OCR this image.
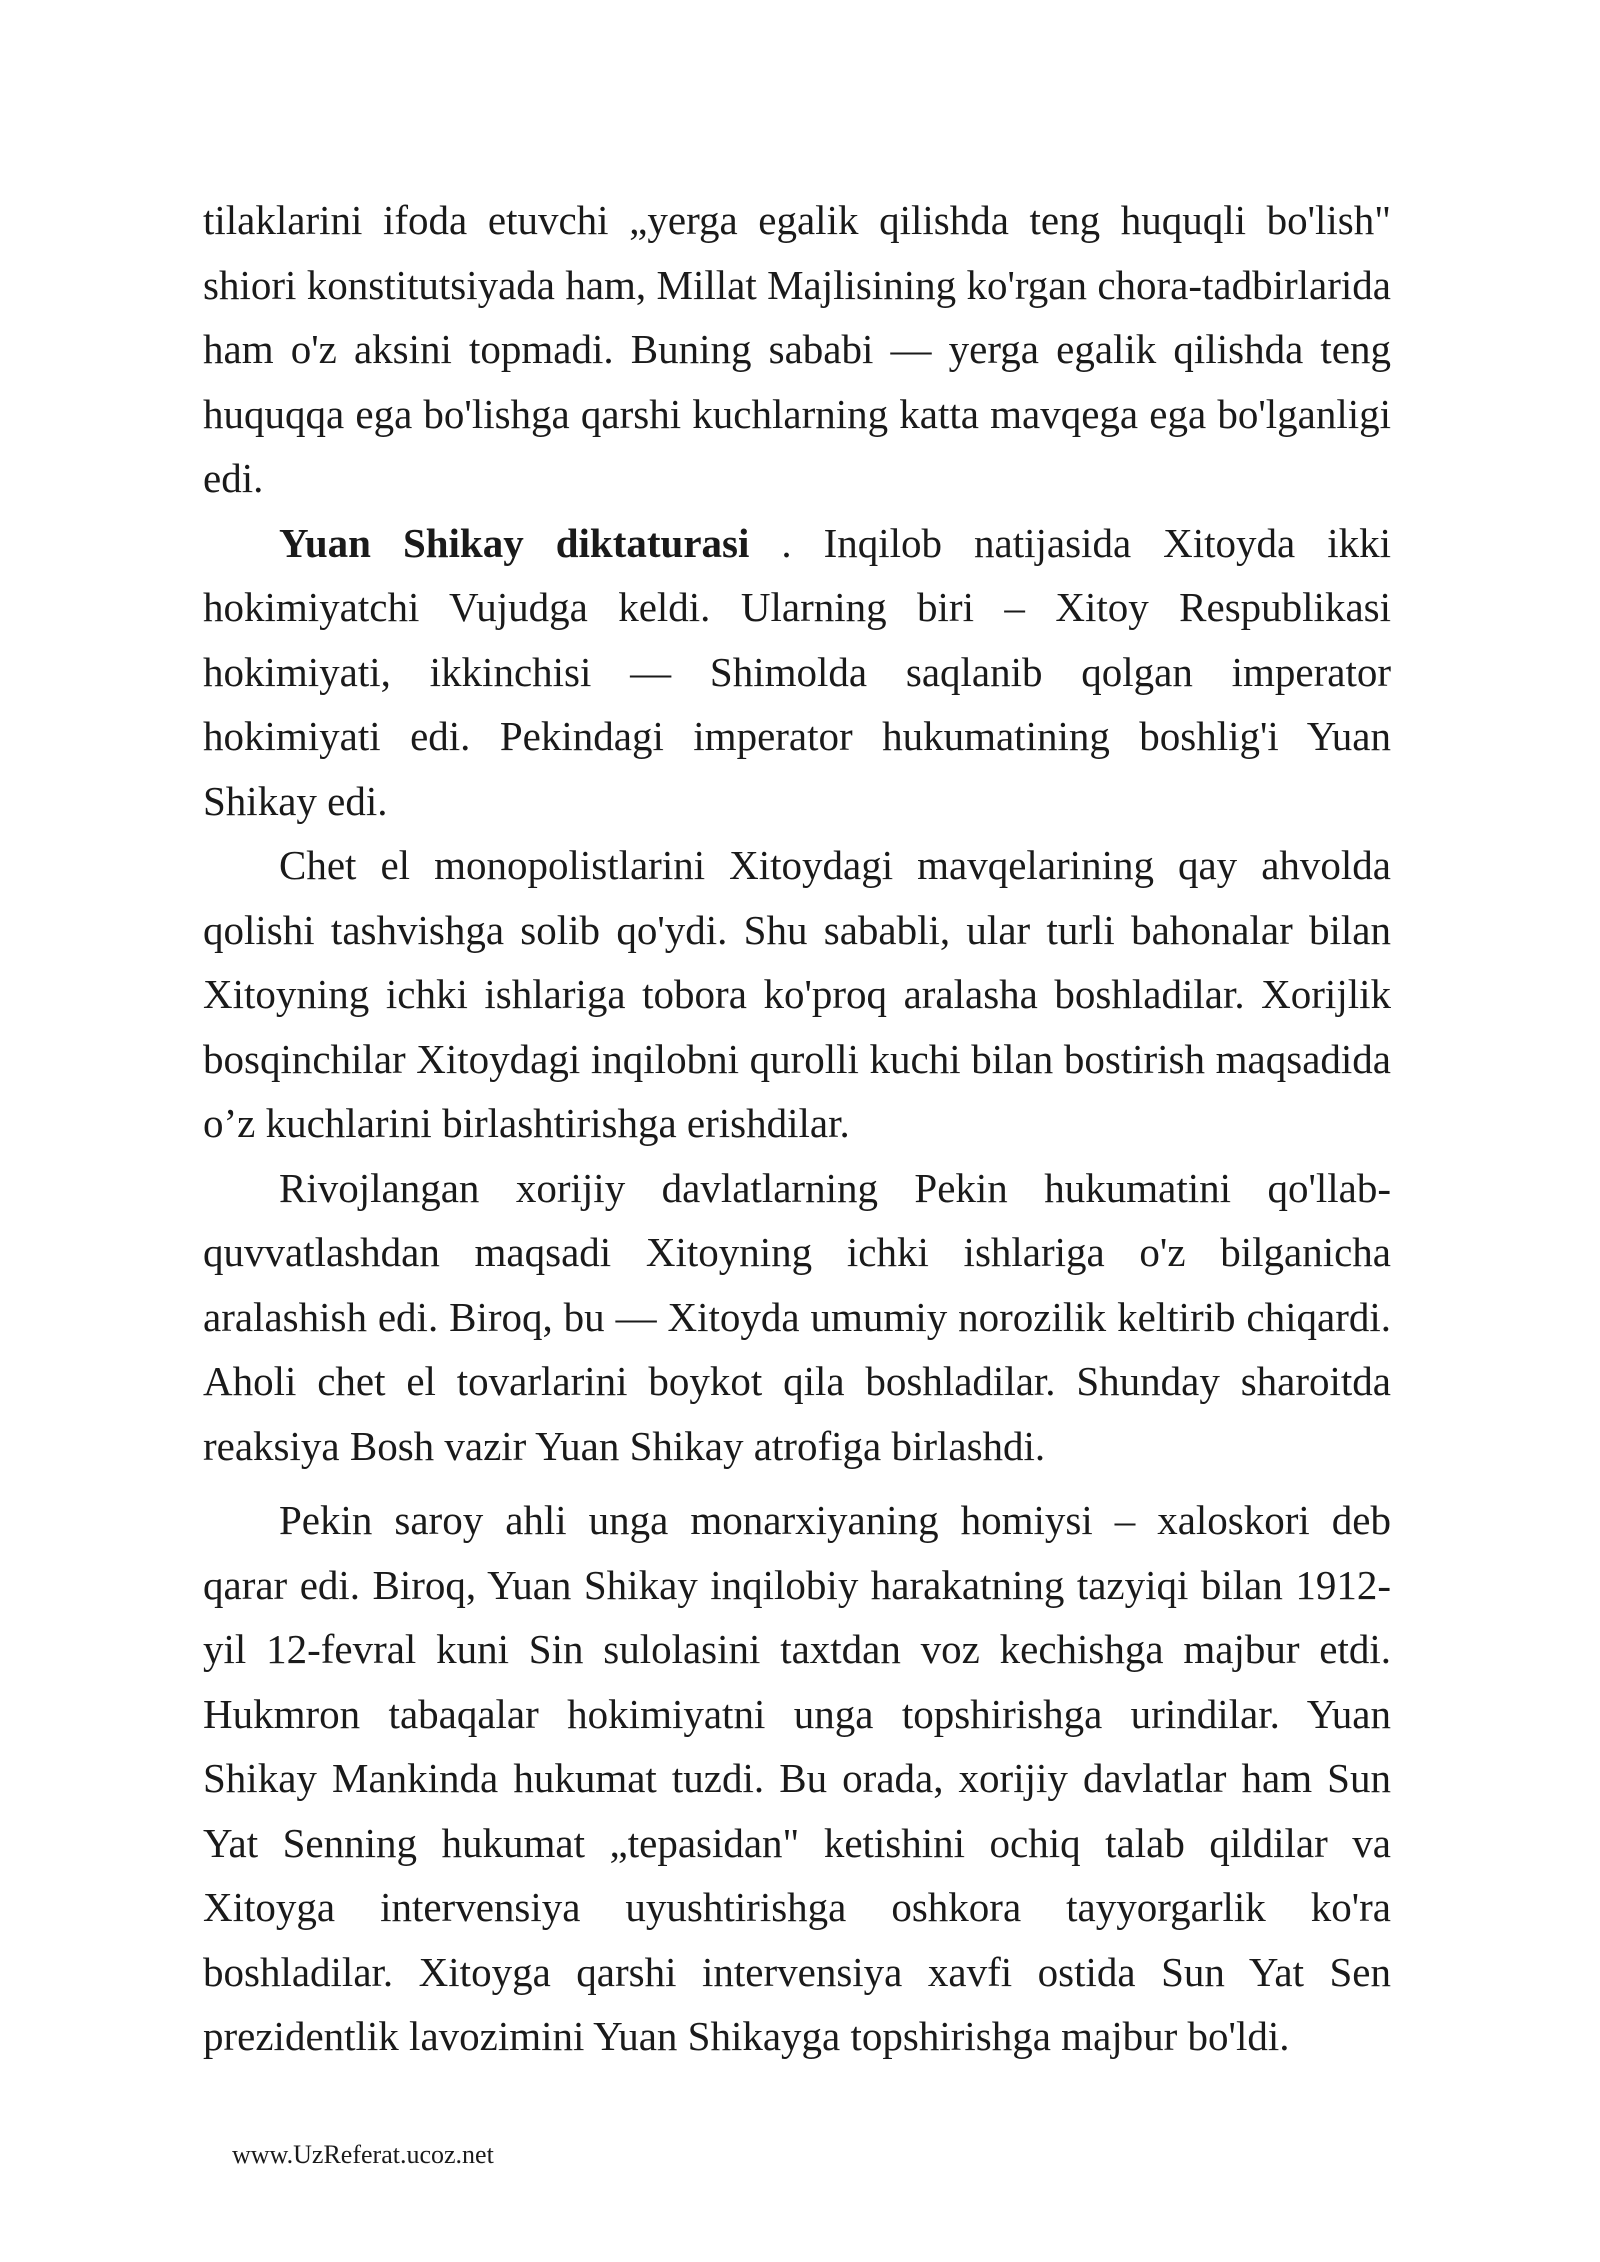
tilaklarini ifoda etuvchi „yerga egalik qilishda teng huquqli bo'lish" shiori konstitutsiyada ham, Millat Majlisining ko'rgan chora-tadbirlarida ham o'z aksini topmadi. Buning sababi — yerga egalik qilishda teng huquqqa ega bo'lishga qarshi kuchlarning katta mavqega ega bo'lganligi edi.

Yuan Shikay diktaturasi . Inqilob natijasida Xitoyda ikki hokimiyatchi Vujudga keldi. Ularning biri – Xitoy Respublikasi hokimiyati, ikkinchisi — Shimolda saqlanib qolgan imperator hokimiyati edi. Pekindagi imperator hukumatining boshlig'i Yuan Shikay edi.

Chet el monopolistlarini Xitoydagi mavqelarining qay ahvolda qolishi tashvishga solib qo'ydi. Shu sababli, ular turli bahonalar bilan Xitoyning ichki ishlariga tobora ko'proq aralasha boshladilar. Xorijlik bosqinchilar Xitoydagi inqilobni qurolli kuchi bilan bostirish maqsadida o’z kuchlarini birlashtirishga erishdilar.

Rivojlangan xorijiy davlatlarning Pekin hukumatini qo'llab-quvvatlashdan maqsadi Xitoyning ichki ishlariga o'z bilganicha aralashish edi. Biroq, bu — Xitoyda umumiy norozilik keltirib chiqardi. Aholi chet el tovarlarini boykot qila boshladilar. Shunday sharoitda reaksiya Bosh vazir Yuan Shikay atrofiga birlashdi.

Pekin saroy ahli unga monarxiyaning homiysi – xaloskori deb qarar edi. Biroq, Yuan Shikay inqilobiy harakatning tazyiqi bilan 1912-yil 12-fevral kuni Sin sulolasini taxtdan voz kechishga majbur etdi. Hukmron tabaqalar hokimiyatni unga topshirishga urindilar. Yuan Shikay Mankinda hukumat tuzdi. Bu orada, xorijiy davlatlar ham Sun Yat Senning hukumat „tepasidan" ketishini ochiq talab qildilar va Xitoyga intervensiya uyushtirishga oshkora tayyorgarlik ko'ra boshladilar. Xitoyga qarshi intervensiya xavfi ostida Sun Yat Sen prezidentlik lavozimini Yuan Shikayga topshirishga majbur bo'ldi.

www.UzReferat.ucoz.net
